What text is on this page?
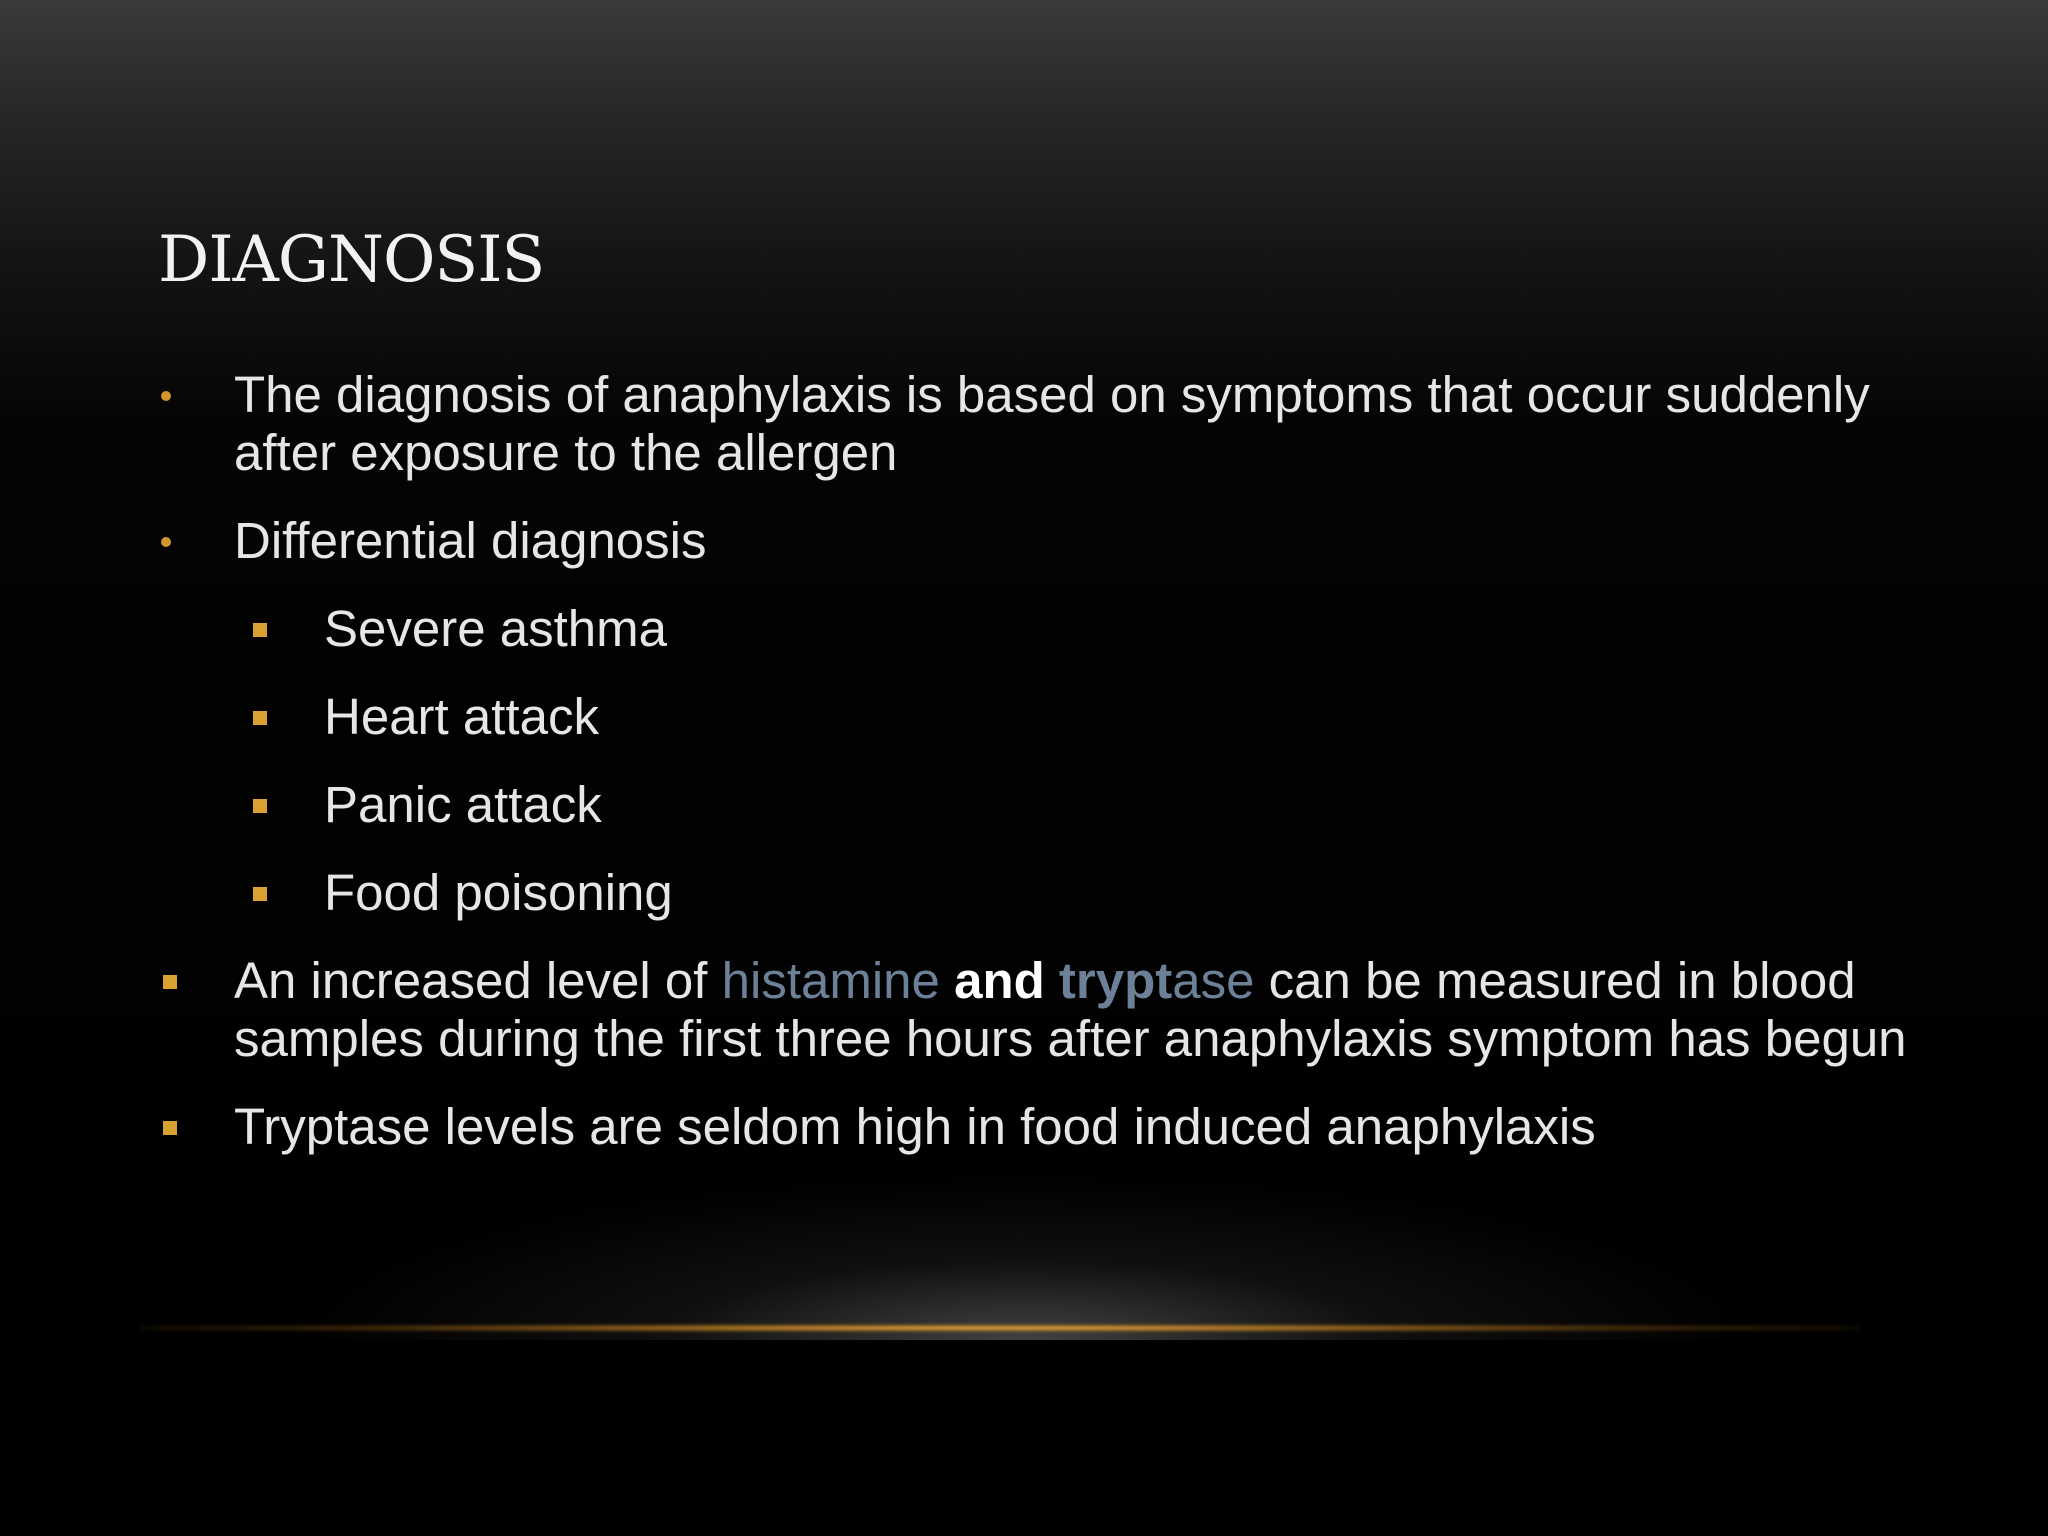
DIAGNOSIS
The diagnosis of anaphylaxis is based on symptoms that occur suddenly after exposure to the allergen
Differential diagnosis
Severe asthma
Heart attack
Panic attack
Food poisoning
An increased level of histamine and tryptase can be measured in blood samples during the first three hours after anaphylaxis symptom has begun
Tryptase levels are seldom high in food induced anaphylaxis
